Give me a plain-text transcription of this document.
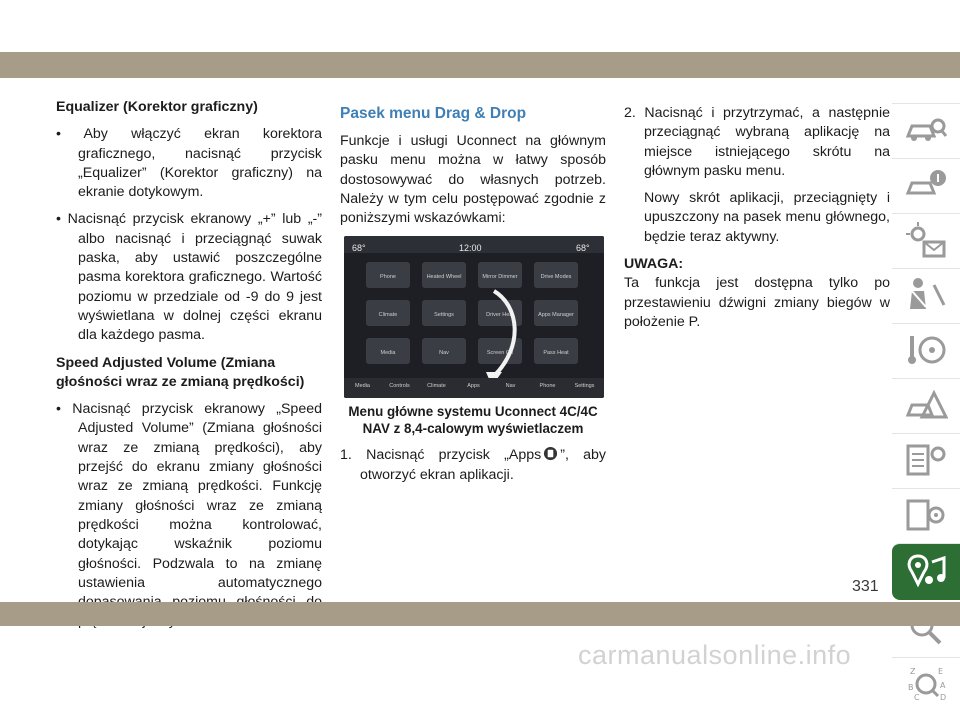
Equalizer (Korektor graficzny)

• Aby włączyć ekran korektora graficznego, nacisnąć przycisk „Equalizer” (Korektor graficzny) na ekranie dotykowym.

• Nacisnąć przycisk ekranowy „+” lub „-” albo nacisnąć i przeciągnąć suwak paska, aby ustawić poszczególne pasma korektora graficznego. Wartość poziomu w przedziale od -9 do 9 jest wyświetlana w dolnej części ekranu dla każdego pasma.

Speed Adjusted Volume (Zmiana głośności wraz ze zmianą prędkości)

• Nacisnąć przycisk ekranowy „Speed Adjusted Volume” (Zmiana głośności wraz ze zmianą prędkości), aby przejść do ekranu zmiany głośności wraz ze zmianą prędkości. Funkcję zmiany głośności wraz ze zmianą prędkości można kontrolować, dotykając wskaźnik poziomu głośności. Podzwala to na zmianę ustawienia automatycznego

Pasek menu Drag & Drop

Funkcje i usługi Uconnect na głównym pasku menu można w łatwy sposób dostosowywać do własnych potrzeb. Należy w tym celu postępować zgodnie z poniższymi wskazówkami:

68°	12:00	68°
Phone	Heated Wheel	Mirror Dimmer	Drive Modes
Climate	Settings	Driver Heat	Apps Manager
Media	Nav	Screen Off	Pass Heat
Media	Controls	Climate	Apps	Nav	Phone	Settings

Menu główne systemu Uconnect 4C/4C NAV z 8,4-calowym wyświetlaczem

1. Nacisnąć przycisk „Apps ”, aby otworzyć ekran aplikacji.

2. Nacisnąć i przytrzymać, a następnie przeciągnąć wybraną aplikację na miejsce istniejącego skrótu na głównym pasku menu.

Nowy skrót aplikacji, przeciągnięty i upuszczony na pasek menu głównego, będzie teraz aktywny.

UWAGA:

Ta funkcja jest dostępna tylko po przestawieniu dźwigni zmiany biegów w położenie P.

Z	E
B	A
C	D
331
carmanualsonline.info
